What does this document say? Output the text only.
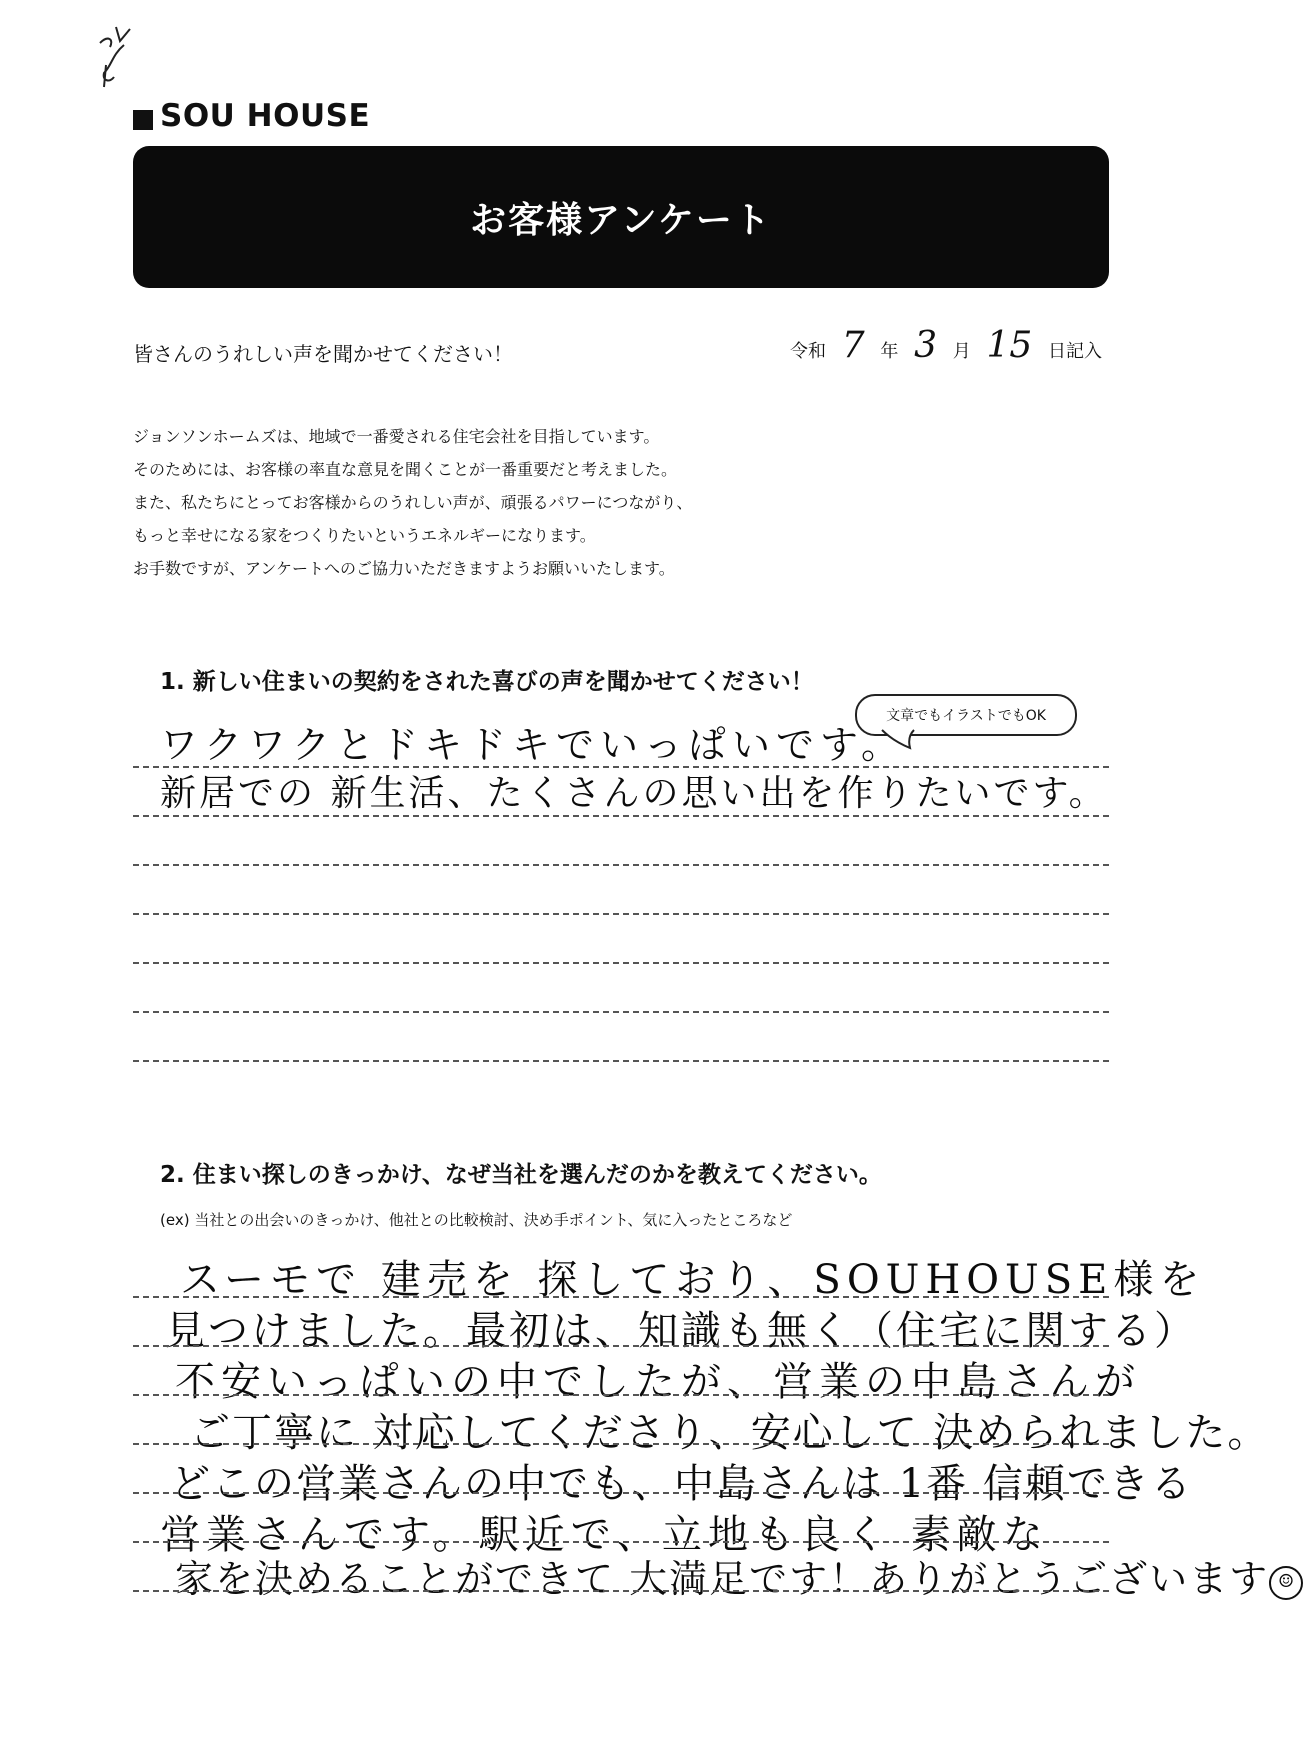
SOU HOUSE
お客様アンケート
皆さんのうれしい声を聞かせてください！	令和 7 年 3 月 15 日記入
ジョンソンホームズは、地域で一番愛される住宅会社を目指しています。
そのためには、お客様の率直な意見を聞くことが一番重要だと考えました。
また、私たちにとってお客様からのうれしい声が、頑張るパワーにつながり、
もっと幸せになる家をつくりたいというエネルギーになります。
お手数ですが、アンケートへのご協力いただきますようお願いいたします。
1. 新しい住まいの契約をされた喜びの声を聞かせてください！
文章でもイラストでもOK
ワクワクとドキドキでいっぱいです。
新居での 新生活、たくさんの思い出を作りたいです。
2. 住まい探しのきっかけ、なぜ当社を選んだのかを教えてください。
(ex) 当社との出会いのきっかけ、他社との比較検討、決め手ポイント、気に入ったところなど
スーモで 建売を 探しており、SOUHOUSE様を
見つけました。最初は、知識も無く（住宅に関する）
不安いっぱいの中でしたが、営業の中島さんが
ご丁寧に 対応してくださり、安心して 決められました。
どこの営業さんの中でも、中島さんは 1番 信頼できる
営業さんです。駅近で、立地も良く 素敵な
家を決めることができて 大満足です！ありがとうございます ☺
